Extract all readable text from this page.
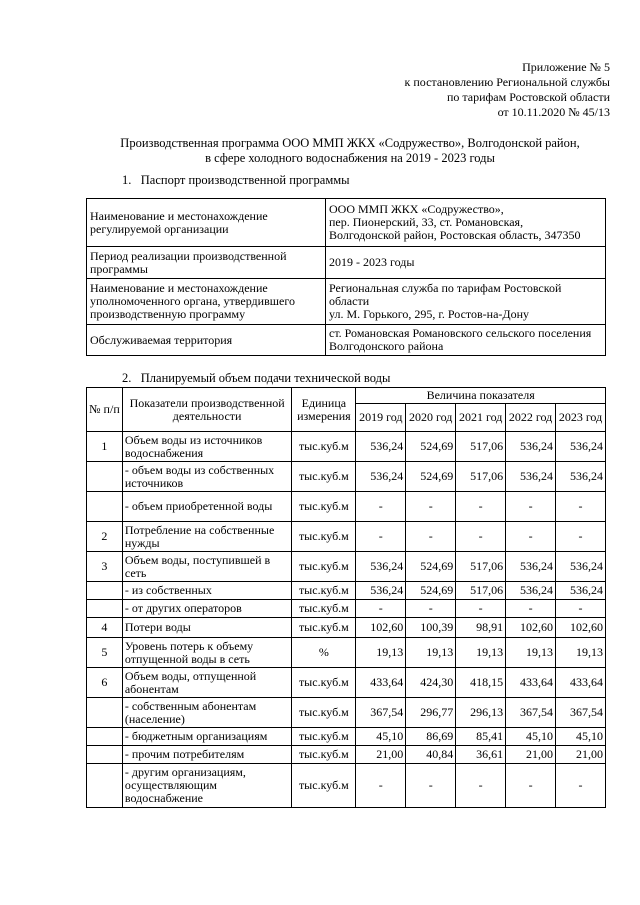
Приложение № 5
к постановлению Региональной службы
по тарифам Ростовской области
от 10.11.2020 № 45/13
Производственная программа ООО ММП ЖКХ «Содружество», Волгодонской район,
в сфере холодного водоснабжения на 2019 - 2023 годы
1. Паспорт производственной программы
Наименование и местонахождение регулируемой организации	ООО ММП ЖКХ «Содружество»,
пер. Пионерский, 33, ст. Романовская,
Волгодонской район, Ростовская область, 347350

Период реализации производственной программы	2019 - 2023 годы

Наименование и местонахождение уполномоченного органа, утвердившего производственную программу	Региональная служба по тарифам Ростовской области
ул. М. Горького, 295, г. Ростов-на-Дону

Обслуживаемая территория	ст. Романовская Романовского сельского поселения Волгодонского района
2. Планируемый объем подачи технической воды
№ п/п	Показатели производственной деятельности	Единица измерения	Величина показателя				
			2019 год	2020 год	2021 год	2022 год	2023 год
1	Объем воды из источников водоснабжения	тыс.куб.м	536,24	524,69	517,06	536,24	536,24
	- объем воды из собственных источников	тыс.куб.м	536,24	524,69	517,06	536,24	536,24
	- объем приобретенной воды	тыс.куб.м	-	-	-	-	-
2	Потребление на собственные нужды	тыс.куб.м	-	-	-	-	-
3	Объем воды, поступившей в сеть	тыс.куб.м	536,24	524,69	517,06	536,24	536,24
	- из собственных	тыс.куб.м	536,24	524,69	517,06	536,24	536,24
	- от других операторов	тыс.куб.м	-	-	-	-	-
4	Потери воды	тыс.куб.м	102,60	100,39	98,91	102,60	102,60
5	Уровень потерь к объему отпущенной воды в сеть	%	19,13	19,13	19,13	19,13	19,13
6	Объем воды, отпущенной абонентам	тыс.куб.м	433,64	424,30	418,15	433,64	433,64
	- собственным абонентам (население)	тыс.куб.м	367,54	296,77	296,13	367,54	367,54
	- бюджетным организациям	тыс.куб.м	45,10	86,69	85,41	45,10	45,10
	- прочим потребителям	тыс.куб.м	21,00	40,84	36,61	21,00	21,00
	- другим организациям, осуществляющим водоснабжение	тыс.куб.м	-	-	-	-	-
